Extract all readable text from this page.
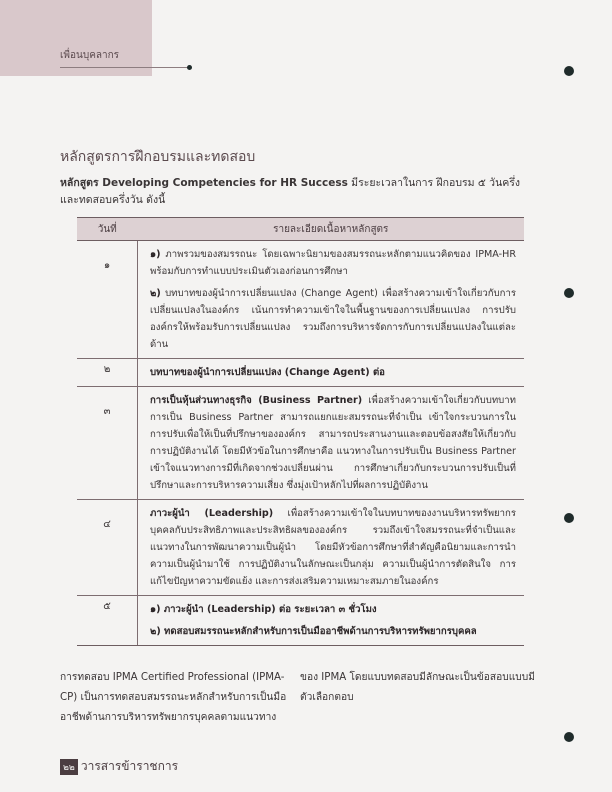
เพื่อนบุคลากร
หลักสูตรการฝึกอบรมและทดสอบ
หลักสูตร Developing Competencies for HR Success มีระยะเวลาในการ ฝึกอบรม ๕ วันครึ่ง และทดสอบครึ่งวัน ดังนี้
วันที่	รายละเอียดเนื้อหาหลักสูตร
๑	๑) ภาพรวมของสมรรถนะ โดยเฉพาะนิยามของสมรรถนะหลักตามแนวคิดของ IPMA-HR พร้อมกับการทำแบบประเมินตัวเองก่อนการศึกษา

๒) บทบาทของผู้นำการเปลี่ยนแปลง (Change Agent) เพื่อสร้างความเข้าใจเกี่ยวกับการเปลี่ยนแปลงในองค์กร เน้นการทำความเข้าใจในพื้นฐานของการเปลี่ยนแปลง การปรับองค์กรให้พร้อมรับการเปลี่ยนแปลง รวมถึงการบริหารจัดการกับการเปลี่ยนแปลงในแต่ละด้าน

๒	บทบาทของผู้นำการเปลี่ยนแปลง (Change Agent) ต่อ

๓	การเป็นหุ้นส่วนทางธุรกิจ (Business Partner) เพื่อสร้างความเข้าใจเกี่ยวกับบทบาทการเป็น Business Partner สามารถแยกแยะสมรรถนะที่จำเป็น เข้าใจกระบวนการในการปรับเพื่อให้เป็นที่ปรึกษาขององค์กร สามารถประสานงานและตอบข้อสงสัยให้เกี่ยวกับการปฏิบัติงานได้ โดยมีหัวข้อในการศึกษาคือ แนวทางในการปรับเป็น Business Partner เข้าใจแนวทางการมีที่เกิดจากช่วงเปลี่ยนผ่าน การศึกษาเกี่ยวกับกระบวนการปรับเป็นที่ปรึกษาและการบริหารความเสี่ยง ซึ่งมุ่งเป้าหลักไปที่ผลการปฏิบัติงาน

๔	ภาวะผู้นำ (Leadership) เพื่อสร้างความเข้าใจในบทบาทของงานบริหารทรัพยากรบุคคลกับประสิทธิภาพและประสิทธิผลขององค์กร รวมถึงเข้าใจสมรรถนะที่จำเป็นและแนวทางในการพัฒนาความเป็นผู้นำ โดยมีหัวข้อการศึกษาที่สำคัญคือนิยามและการนำความเป็นผู้นำมาใช้ การปฏิบัติงานในลักษณะเป็นกลุ่ม ความเป็นผู้นำการตัดสินใจ การแก้ไขปัญหาความขัดแย้ง และการส่งเสริมความเหมาะสมภายในองค์กร

๕	๑) ภาวะผู้นำ (Leadership) ต่อ ระยะเวลา ๓ ชั่วโมง

๒) ทดสอบสมรรถนะหลักสำหรับการเป็นมืออาชีพด้านการบริหารทรัพยากรบุคคล

การทดสอบ IPMA Certified Professional (IPMA-CP) เป็นการทดสอบสมรรถนะหลักสำหรับการเป็นมืออาชีพด้านการบริหารทรัพยากรบุคคลตามแนวทาง
ของ IPMA โดยแบบทดสอบมีลักษณะเป็นข้อสอบแบบมีตัวเลือกตอบ
๒๒ วารสารข้าราชการ
